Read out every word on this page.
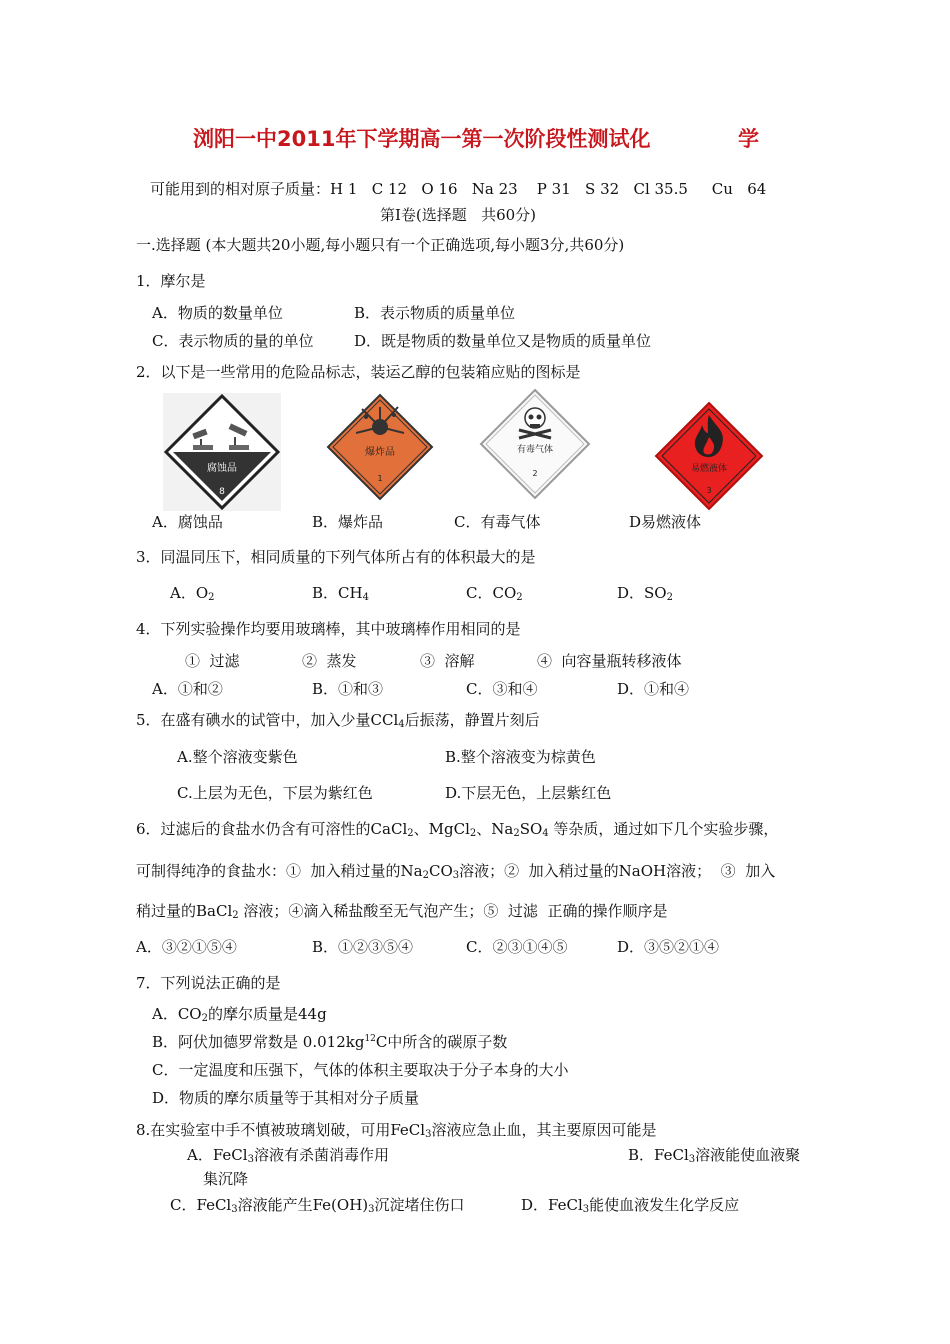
浏阳一中2011年下学期高一第一次阶段性测试化	学
可能用到的相对原子质量：H 1   C 12   O 16   Na 23    P 31   S 32   Cl 35.5     Cu   64
第Ⅰ卷(选择题   共60分)
一.选择题 (本大题共20小题,每小题只有一个正确选项,每小题3分,共60分)
1．摩尔是
A．物质的数量单位	B．表示物质的质量单位
C．表示物质的量的单位	D．既是物质的数量单位又是物质的质量单位
2．以下是一些常用的危险品标志，装运乙醇的包装箱应贴的图标是
腐蚀品
8
爆炸品
1
有毒气体
2	易燃液体
3
A．腐蚀品	B．爆炸品	C．有毒气体	D易燃液体
3．同温同压下，相同质量的下列气体所占有的体积最大的是
A．$O_2$	B．$CH_4$	C．$CO_2$	D．$SO_2$
4．下列实验操作均要用玻璃棒，其中玻璃棒作用相同的是
①  过滤	②  蒸发	③  溶解	④  向容量瓶转移液体
A．①和②	B．①和③	C．③和④	D．①和④
5．在盛有碘水的试管中，加入少量CCl$_4$后振荡，静置片刻后
A.整个溶液变紫色	B.整个溶液变为棕黄色
C.上层为无色，下层为紫红色	D.下层无色，上层紫红色
6．过滤后的食盐水仍含有可溶性的CaCl$_2$、MgCl$_2$、$Na_2SO_4$ 等杂质，通过如下几个实验步骤，
可制得纯净的食盐水：①  加入稍过量的$Na_2CO_3$溶液；②  加入稍过量的NaOH溶液；  ③  加入
稍过量的BaCl$_2$ 溶液；④滴入稀盐酸至无气泡产生；⑤  过滤  正确的操作顺序是
A．③②①⑤④	B．①②③⑤④	C．②③①④⑤	D．③⑤②①④
7．下列说法正确的是
A．$CO_2$的摩尔质量是44g
B．阿伏加德罗常数是 $0.012kg^{12}C$中所含的碳原子数
C．一定温度和压强下，气体的体积主要取决于分子本身的大小
D．物质的摩尔质量等于其相对分子质量
8.在实验室中手不慎被玻璃划破，可用FeCl$_3$溶液应急止血，其主要原因可能是
A．FeCl$_3$溶液有杀菌消毒作用	B．FeCl$_3$溶液能使血液聚
集沉降
C．FeCl$_3$溶液能产生$Fe(OH)_3$沉淀堵住伤口	D．FeCl$_3$能使血液发生化学反应
